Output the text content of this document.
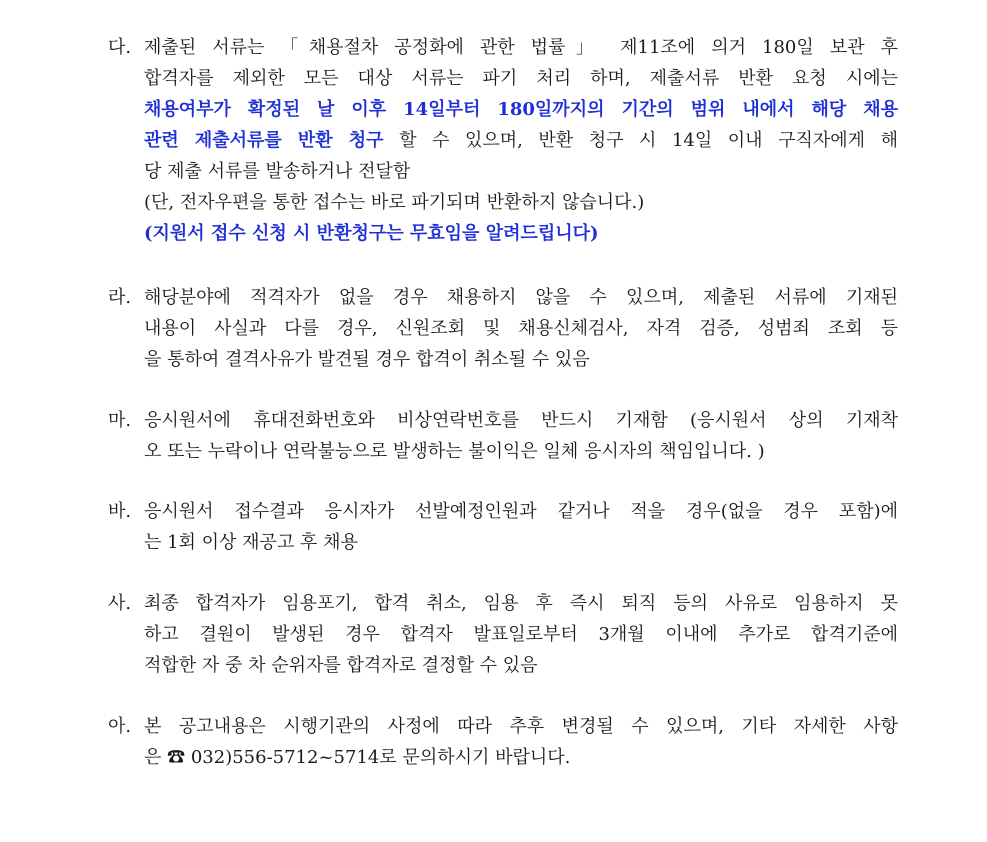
다. 제출된 서류는 「채용절차 공정화에 관한 법률」 제11조에 의거 180일 보관 후
합격자를 제외한 모든 대상 서류는 파기 처리 하며, 제출서류 반환 요청 시에는
채용여부가 확정된 날 이후 14일부터 180일까지의 기간의 범위 내에서 해당 채용
관련 제출서류를 반환 청구 할 수 있으며, 반환 청구 시 14일 이내 구직자에게 해
당 제출 서류를 발송하거나 전달함
(단, 전자우편을 통한 접수는 바로 파기되며 반환하지 않습니다.)
(지원서 접수 신청 시 반환청구는 무효임을 알려드립니다)
라. 해당분야에 적격자가 없을 경우 채용하지 않을 수 있으며, 제출된 서류에 기재된
내용이 사실과 다를 경우, 신원조회 및 채용신체검사, 자격 검증, 성범죄 조회 등
을 통하여 결격사유가 발견될 경우 합격이 취소될 수 있음
마. 응시원서에 휴대전화번호와 비상연락번호를 반드시 기재함 (응시원서 상의 기재착
오 또는 누락이나 연락불능으로 발생하는 불이익은 일체 응시자의 책임입니다. )
바. 응시원서 접수결과 응시자가 선발예정인원과 같거나 적을 경우(없을 경우 포함)에
는 1회 이상 재공고 후 채용
사. 최종 합격자가 임용포기, 합격 취소, 임용 후 즉시 퇴직 등의 사유로 임용하지 못
하고 결원이 발생된 경우 합격자 발표일로부터 3개월 이내에 추가로 합격기준에
적합한 자 중 차 순위자를 합격자로 결정할 수 있음
아. 본 공고내용은 시행기관의 사정에 따라 추후 변경될 수 있으며, 기타 자세한 사항
은 ☎ 032)556-5712~5714로 문의하시기 바랍니다.
